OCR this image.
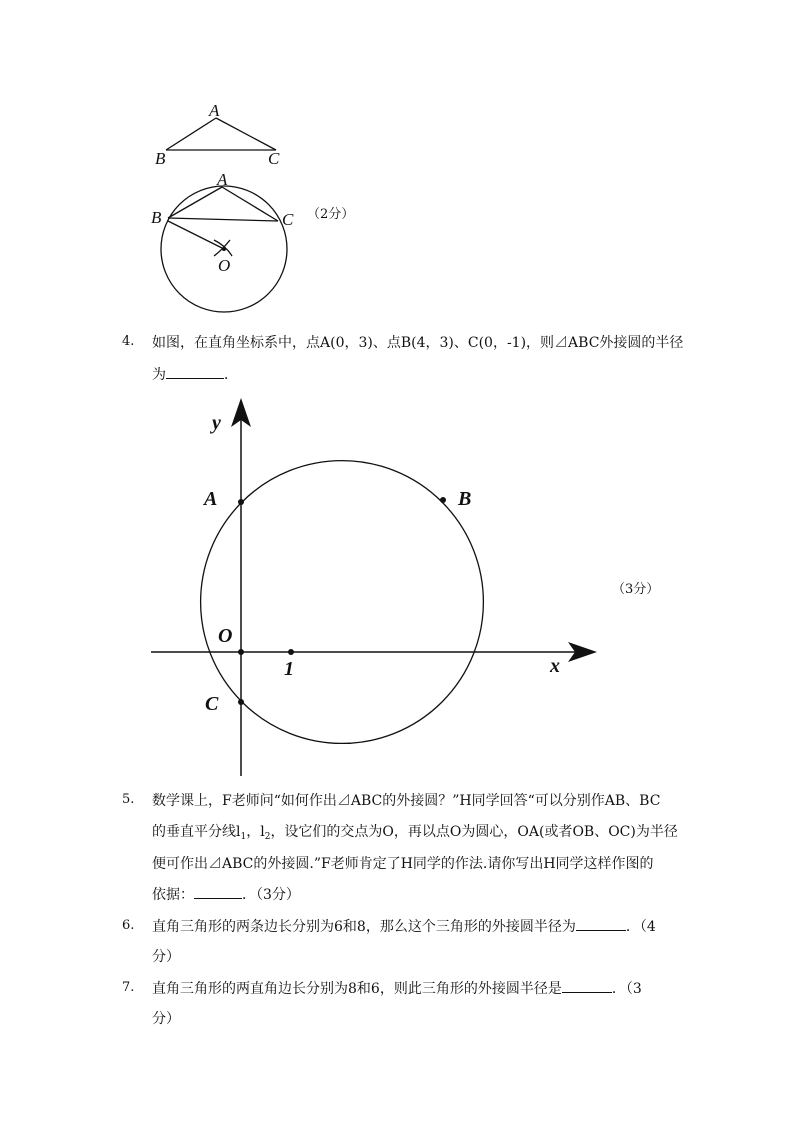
A
B	C
A
B	C
O
（2分）
4. 如图，在直角坐标系中，点A(0，3)、点B(4，3)、C(0，-1)，则⊿ABC外接圆的半径
为	．
y
A	B
O
1	x
C
（3分）
5. 数学课上，F老师问“如何作出⊿ABC的外接圆？”H同学回答“可以分别作AB、BC
的垂直平分线$l_1$，$l_2$，设它们的交点为O，再以点O为圆心，OA(或者OB、OC)为半径
便可作出⊿ABC的外接圆.”F老师肯定了H同学的作法.请你写出H同学这样作图的
依据：	．（3分）
6. 直角三角形的两条边长分别为6和8，那么这个三角形的外接圆半径为	．（4
分）
7. 直角三角形的两直角边长分别为8和6，则此三角形的外接圆半径是	．（3
分）
